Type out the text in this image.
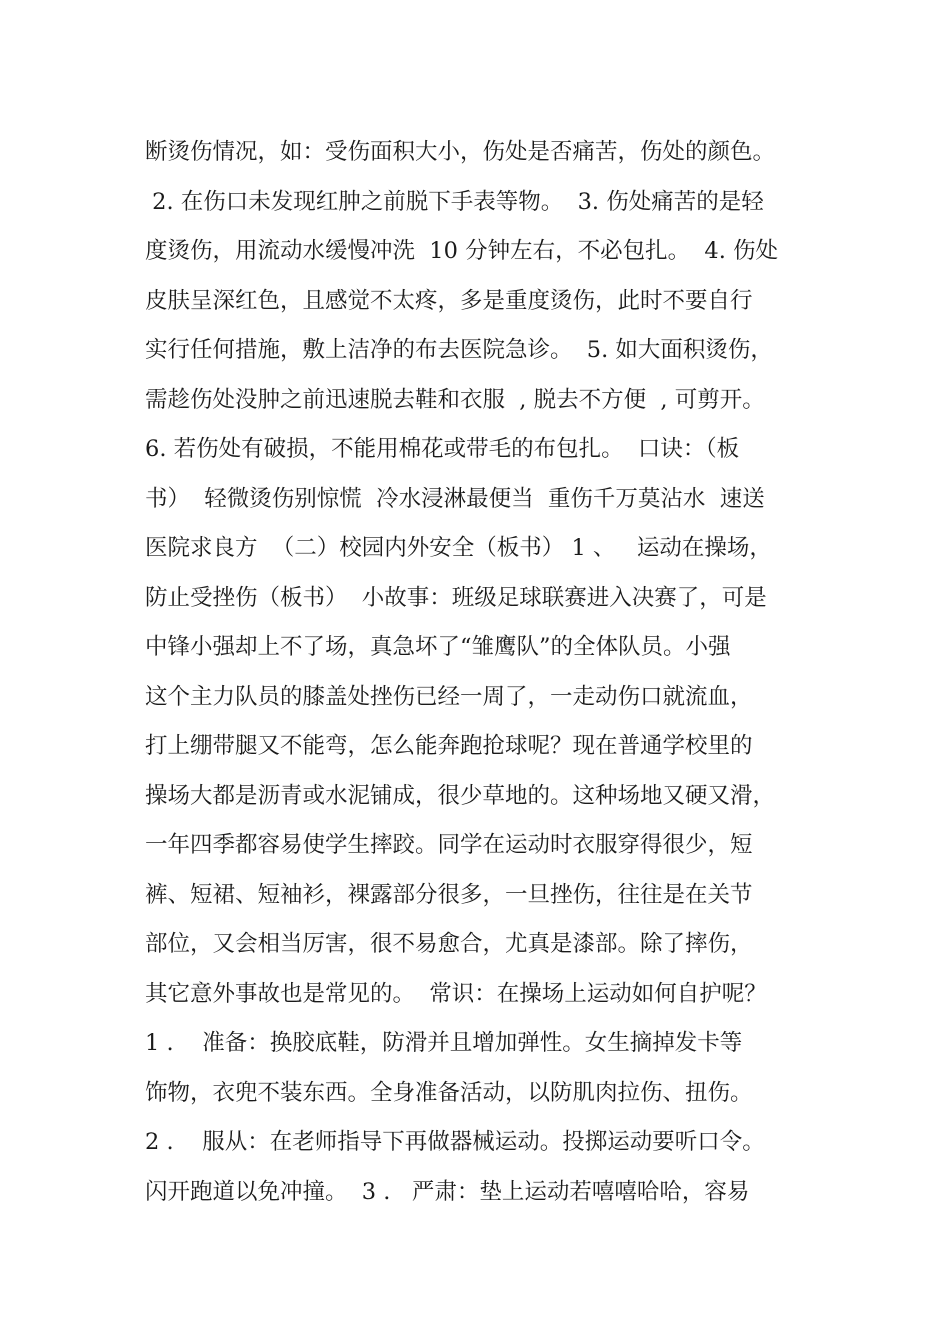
断烫伤情况，如：受伤面积大小，伤处是否痛苦，伤处的颜色。
2. 在伤口未发现红肿之前脱下手表等物。  3. 伤处痛苦的是轻
度烫伤，用流动水缓慢冲洗  10 分钟左右，不必包扎。  4. 伤处
皮肤呈深红色，且感觉不太疼，多是重度烫伤，此时不要自行
实行任何措施，敷上洁净的布去医院急诊。  5. 如大面积烫伤，
需趁伤处没肿之前迅速脱去鞋和衣服  , 脱去不方便  , 可剪开。
6. 若伤处有破损，不能用棉花或带毛的布包扎。  口诀：（板
书）  轻微烫伤别惊慌  冷水浸淋最便当  重伤千万莫沾水  速送
医院求良方  （二）校园内外安全（板书） 1 、   运动在操场，
防止受挫伤（板书）  小故事：班级足球联赛进入决赛了，可是
中锋小强却上不了场，真急坏了“雏鹰队”的全体队员。小强
这个主力队员的膝盖处挫伤已经一周了，一走动伤口就流血，
打上绷带腿又不能弯，怎么能奔跑抢球呢？现在普通学校里的
操场大都是沥青或水泥铺成，很少草地的。这种场地又硬又滑，
一年四季都容易使学生摔跤。同学在运动时衣服穿得很少，短
裤、短裙、短袖衫，裸露部分很多，一旦挫伤，往往是在关节
部位，又会相当厉害，很不易愈合，尤真是漆部。除了摔伤，
其它意外事故也是常见的。  常识：在操场上运动如何自护呢？
1 .    准备：换胶底鞋，防滑并且增加弹性。女生摘掉发卡等
饰物，衣兜不装东西。全身准备活动，以防肌肉拉伤、扭伤。
2 .    服从：在老师指导下再做器械运动。投掷运动要听口令。
闪开跑道以免冲撞。  3 .   严肃：垫上运动若嘻嘻哈哈，容易
